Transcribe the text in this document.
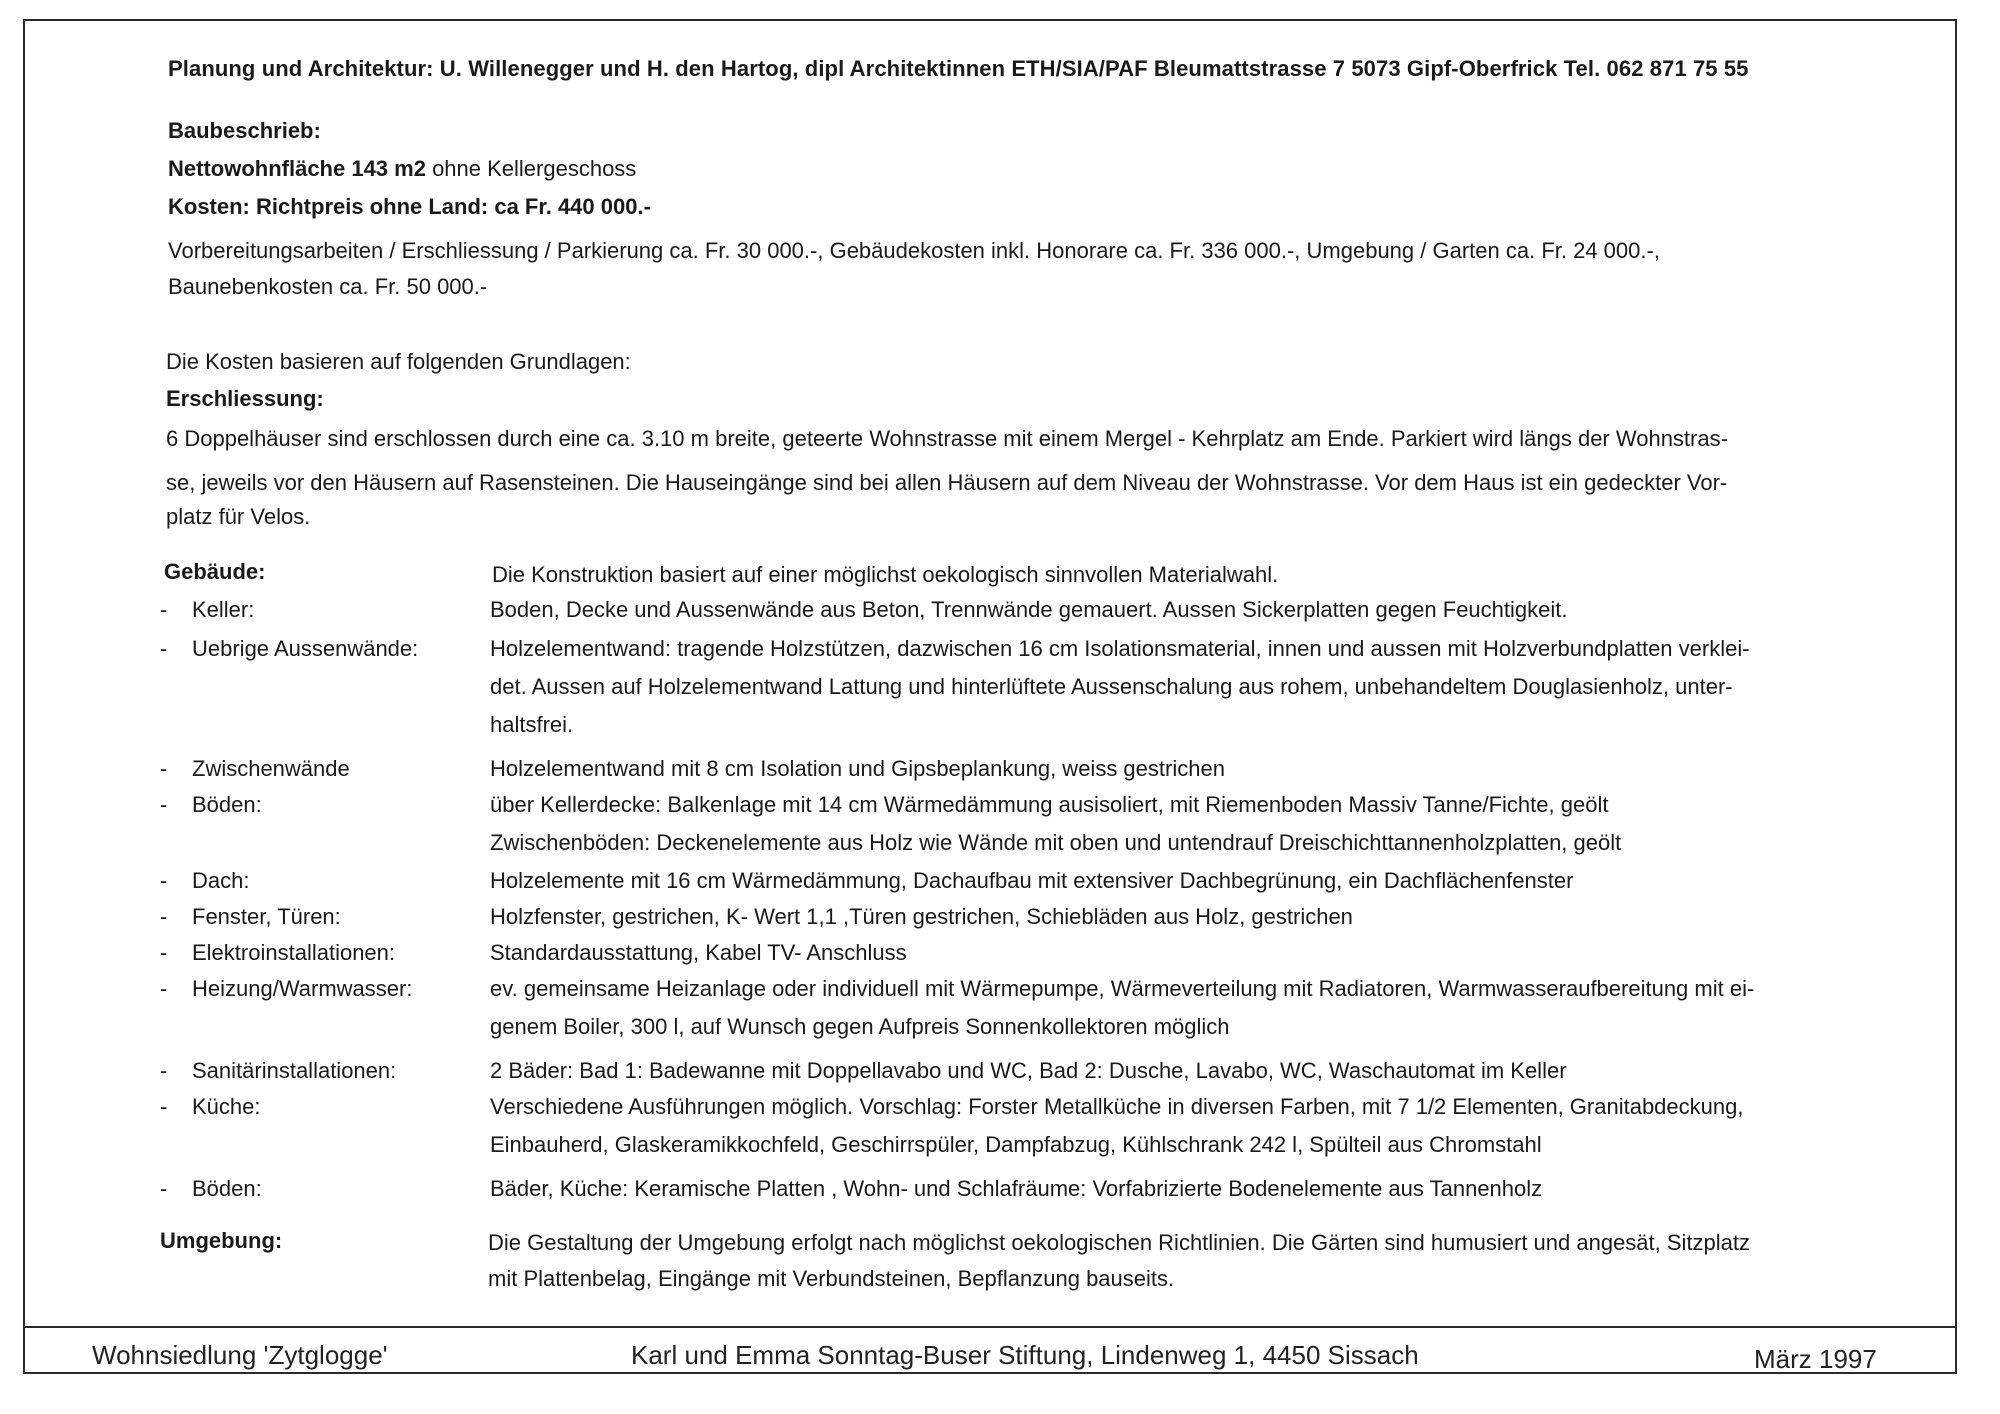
Planung und Architektur: U. Willenegger und H. den Hartog, dipl Architektinnen ETH/SIA/PAF Bleumattstrasse 7 5073 Gipf-Oberfrick Tel. 062 871 75 55
Baubeschrieb:
Nettowohnfläche 143 m2 ohne Kellergeschoss
Kosten: Richtpreis ohne Land: ca Fr. 440 000.-
Vorbereitungsarbeiten / Erschliessung / Parkierung ca. Fr. 30 000.-, Gebäudekosten inkl. Honorare ca. Fr. 336 000.-, Umgebung / Garten ca. Fr. 24 000.-,
Baunebenkosten ca. Fr. 50 000.-
Die Kosten basieren auf folgenden Grundlagen:
Erschliessung:
6 Doppelhäuser sind erschlossen durch eine ca. 3.10 m breite, geteerte Wohnstrasse mit einem Mergel - Kehrplatz am Ende. Parkiert wird längs der Wohnstras-
se, jeweils vor den Häusern auf Rasensteinen. Die Hauseingänge sind bei allen Häusern auf dem Niveau der Wohnstrasse. Vor dem Haus ist ein gedeckter Vor-
platz für Velos.
Gebäude:	Die Konstruktion basiert auf einer möglichst oekologisch sinnvollen Materialwahl.
- Keller:	Boden, Decke und Aussenwände aus Beton, Trennwände gemauert. Aussen Sickerplatten gegen Feuchtigkeit.
- Uebrige Aussenwände:	Holzelementwand: tragende Holzstützen, dazwischen 16 cm Isolationsmaterial, innen und aussen mit Holzverbundplatten verklei-
det. Aussen auf Holzelementwand Lattung und hinterlüftete Aussenschalung aus rohem, unbehandeltem Douglasienholz, unter-
haltsfrei.
- Zwischenwände	Holzelementwand mit 8 cm Isolation und Gipsbeplankung, weiss gestrichen
- Böden:	über Kellerdecke: Balkenlage mit 14 cm Wärmedämmung ausisoliert, mit Riemenboden Massiv Tanne/Fichte, geölt
Zwischenböden: Deckenelemente aus Holz wie Wände mit oben und untendrauf Dreischichttannenholzplatten, geölt
- Dach:	Holzelemente mit 16 cm Wärmedämmung, Dachaufbau mit extensiver Dachbegrünung, ein Dachflächenfenster
- Fenster, Türen:	Holzfenster, gestrichen, K- Wert 1,1 ,Türen gestrichen, Schiebläden aus Holz, gestrichen
- Elektroinstallationen:	Standardausstattung, Kabel TV- Anschluss
- Heizung/Warmwasser:	ev. gemeinsame Heizanlage oder individuell mit Wärmepumpe, Wärmeverteilung mit Radiatoren, Warmwasseraufbereitung mit ei-
genem Boiler, 300 l, auf Wunsch gegen Aufpreis Sonnenkollektoren möglich
- Sanitärinstallationen:	2 Bäder: Bad 1: Badewanne mit Doppellavabo und WC, Bad 2: Dusche, Lavabo, WC, Waschautomat im Keller
- Küche:	Verschiedene Ausführungen möglich. Vorschlag: Forster Metallküche in diversen Farben, mit 7 1/2 Elementen, Granitabdeckung,
Einbauherd, Glaskeramikkochfeld, Geschirrspüler, Dampfabzug, Kühlschrank 242 l, Spülteil aus Chromstahl
- Böden:	Bäder, Küche: Keramische Platten , Wohn- und Schlafräume: Vorfabrizierte Bodenelemente aus Tannenholz
Umgebung:	Die Gestaltung der Umgebung erfolgt nach möglichst oekologischen Richtlinien. Die Gärten sind humusiert und angesät, Sitzplatz
mit Plattenbelag, Eingänge mit Verbundsteinen, Bepflanzung bauseits.
Wohnsiedlung 'Zytglogge'	Karl und Emma Sonntag-Buser Stiftung, Lindenweg 1, 4450 Sissach	März 1997
